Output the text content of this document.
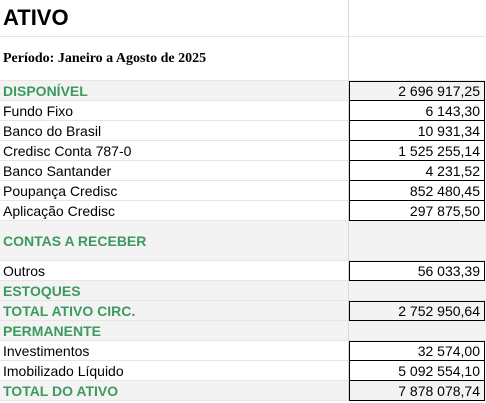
ATIVO
Período: Janeiro a Agosto de 2025
DISPONÍVEL	2 696 917,25
Fundo Fixo	6 143,30
Banco do Brasil	10 931,34
Credisc Conta 787-0	1 525 255,14
Banco Santander	4 231,52
Poupança Credisc	852 480,45
Aplicação Credisc	297 875,50
CONTAS A RECEBER
Outros	56 033,39
ESTOQUES
TOTAL ATIVO CIRC.	2 752 950,64
PERMANENTE
Investimentos	32 574,00
Imobilizado Líquido	5 092 554,10
TOTAL DO ATIVO	7 878 078,74
